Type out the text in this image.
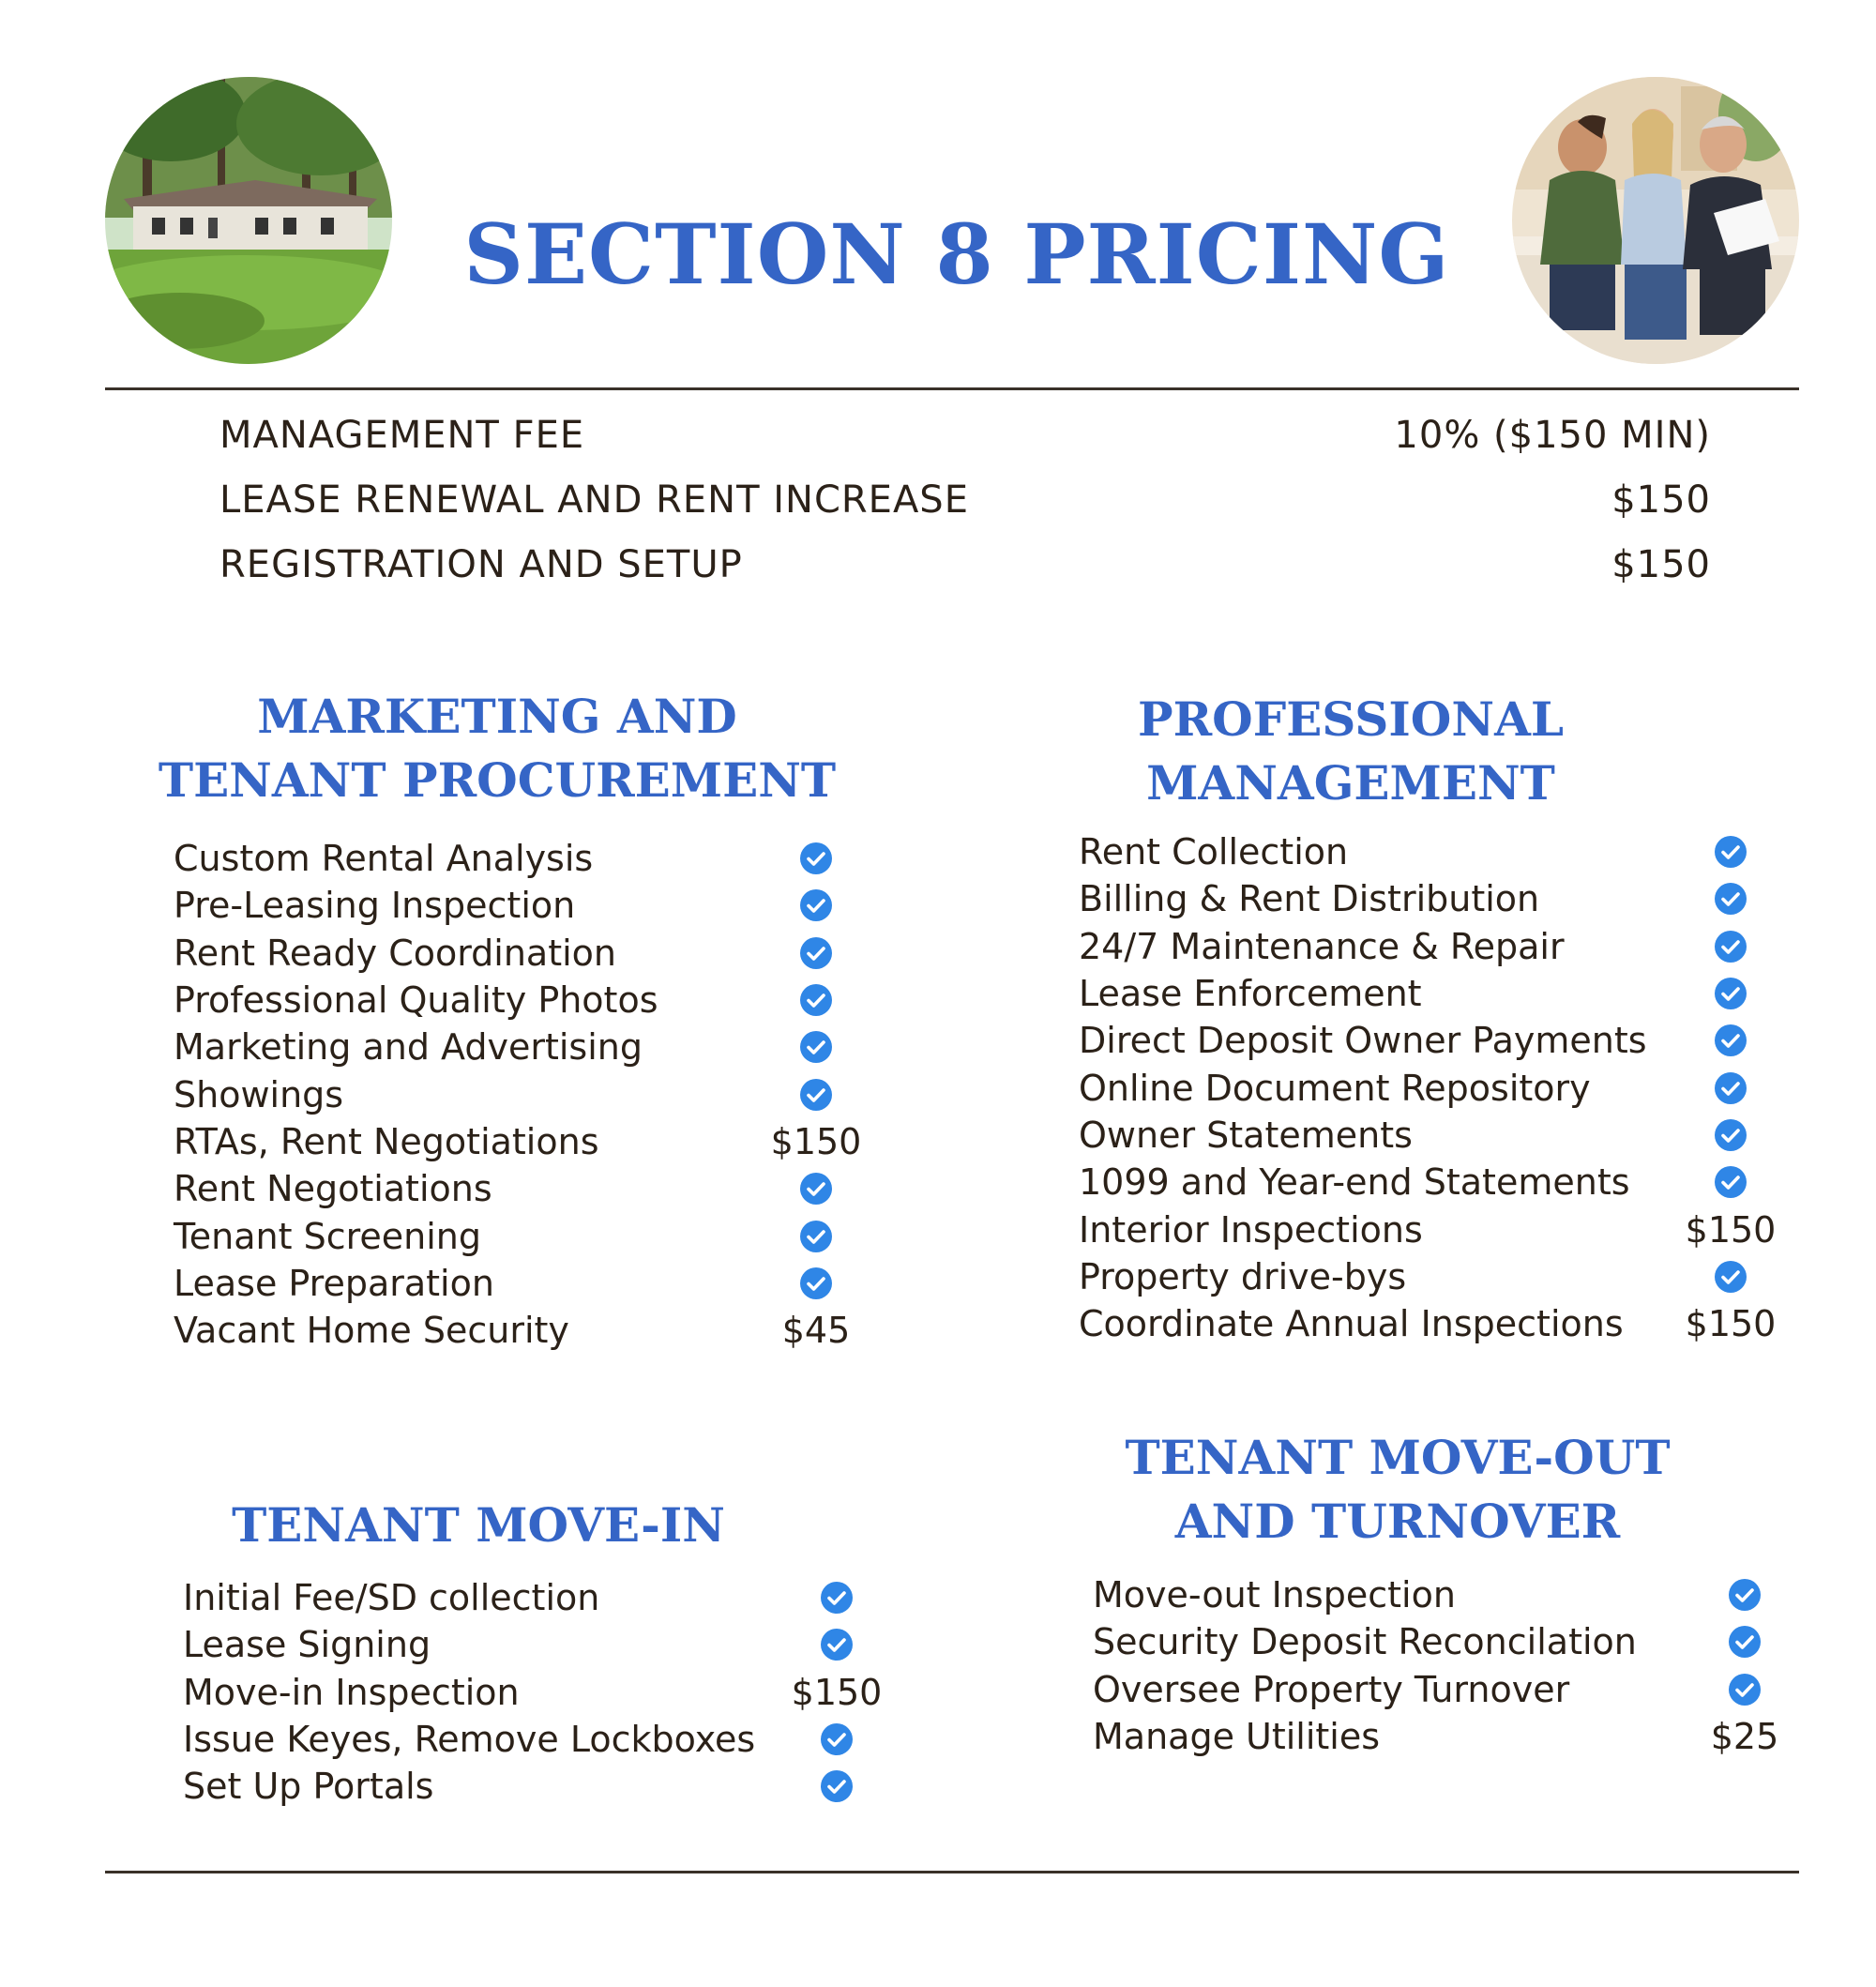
SECTION 8 PRICING
MANAGEMENT FEE	10% ($150 MIN)
LEASE RENEWAL AND RENT INCREASE	$150
REGISTRATION AND SETUP	$150
MARKETING AND
TENANT PROCUREMENT
Custom Rental Analysis
Pre-Leasing Inspection
Rent Ready Coordination
Professional Quality Photos
Marketing and Advertising
Showings
RTAs, Rent Negotiations	$150
Rent Negotiations
Tenant Screening
Lease Preparation
Vacant Home Security	$45
PROFESSIONAL
MANAGEMENT
Rent Collection
Billing & Rent Distribution
24/7 Maintenance & Repair
Lease Enforcement
Direct Deposit Owner Payments
Online Document Repository
Owner Statements
1099 and Year-end Statements
Interior Inspections	$150
Property drive-bys
Coordinate Annual Inspections	$150
TENANT MOVE-IN
Initial Fee/SD collection
Lease Signing
Move-in Inspection	$150
Issue Keyes, Remove Lockboxes
Set Up Portals
TENANT MOVE-OUT
AND TURNOVER
Move-out Inspection
Security Deposit Reconcilation
Oversee Property Turnover
Manage Utilities	$25
